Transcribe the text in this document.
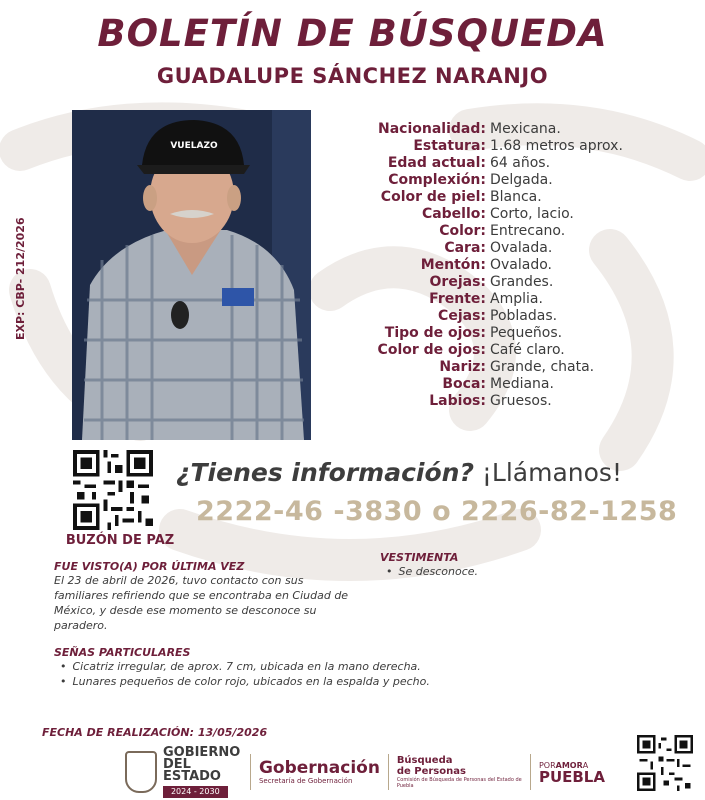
BOLETÍN DE BÚSQUEDA
GUADALUPE SÁNCHEZ NARANJO
EXP: CBP- 212/2026
VUELAZO
Nacionalidad: Mexicana.
Estatura: 1.68 metros aprox.
Edad actual: 64 años.
Complexión: Delgada.
Color de piel: Blanca.
Cabello: Corto, lacio.
Color: Entrecano.
Cara: Ovalada.
Mentón: Ovalado.
Orejas: Grandes.
Frente: Amplia.
Cejas: Pobladas.
Tipo de ojos: Pequeños.
Color de ojos: Café claro.
Nariz: Grande, chata.
Boca: Mediana.
Labios: Gruesos.
BUZÓN DE PAZ
¿Tienes información? ¡Llámanos!
2222-46 -3830 o 2226-82-1258
FUE VISTO(A) POR ÚLTIMA VEZ
El 23 de abril de 2026, tuvo contacto con sus familiares refiriendo que se encontraba en Ciudad de México, y desde ese momento se desconoce su paradero.
VESTIMENTA
• Se desconoce.
SEÑAS PARTICULARES
• Cicatriz irregular, de aprox. 7 cm, ubicada en la mano derecha.
• Lunares pequeños de color rojo, ubicados en la espalda y pecho.
FECHA DE REALIZACIÓN: 13/05/2026
GOBIERNO
DEL ESTADO
2024 - 2030
Gobernación
Secretaría de Gobernación
Búsqueda
de Personas
Comisión de Búsqueda de Personas del Estado de Puebla
PORAMORA
PUEBLA
